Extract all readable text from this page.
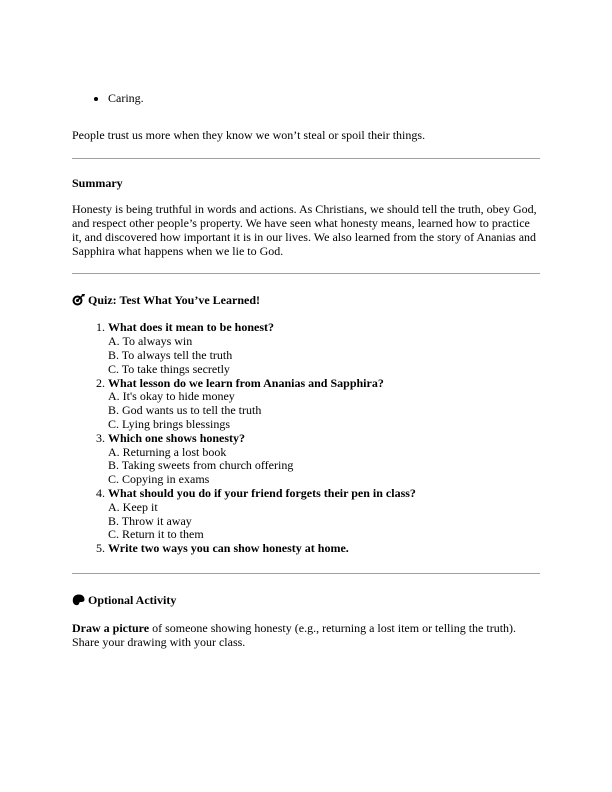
• Caring.

People trust us more when they know we won’t steal or spoil their things.

Summary

Honesty is being truthful in words and actions. As Christians, we should tell the truth, obey God, and respect other people’s property. We have seen what honesty means, learned how to practice it, and discovered how important it is in our lives. We also learned from the story of Ananias and Sapphira what happens when we lie to God.

Quiz: Test What You’ve Learned!

1. What does it mean to be honest?
A. To always win
B. To always tell the truth
C. To take things secretly
2. What lesson do we learn from Ananias and Sapphira?
A. It's okay to hide money
B. God wants us to tell the truth
C. Lying brings blessings
3. Which one shows honesty?
A. Returning a lost book
B. Taking sweets from church offering
C. Copying in exams
4. What should you do if your friend forgets their pen in class?
A. Keep it
B. Throw it away
C. Return it to them
5. Write two ways you can show honesty at home.

Optional Activity

Draw a picture of someone showing honesty (e.g., returning a lost item or telling the truth). Share your drawing with your class.
